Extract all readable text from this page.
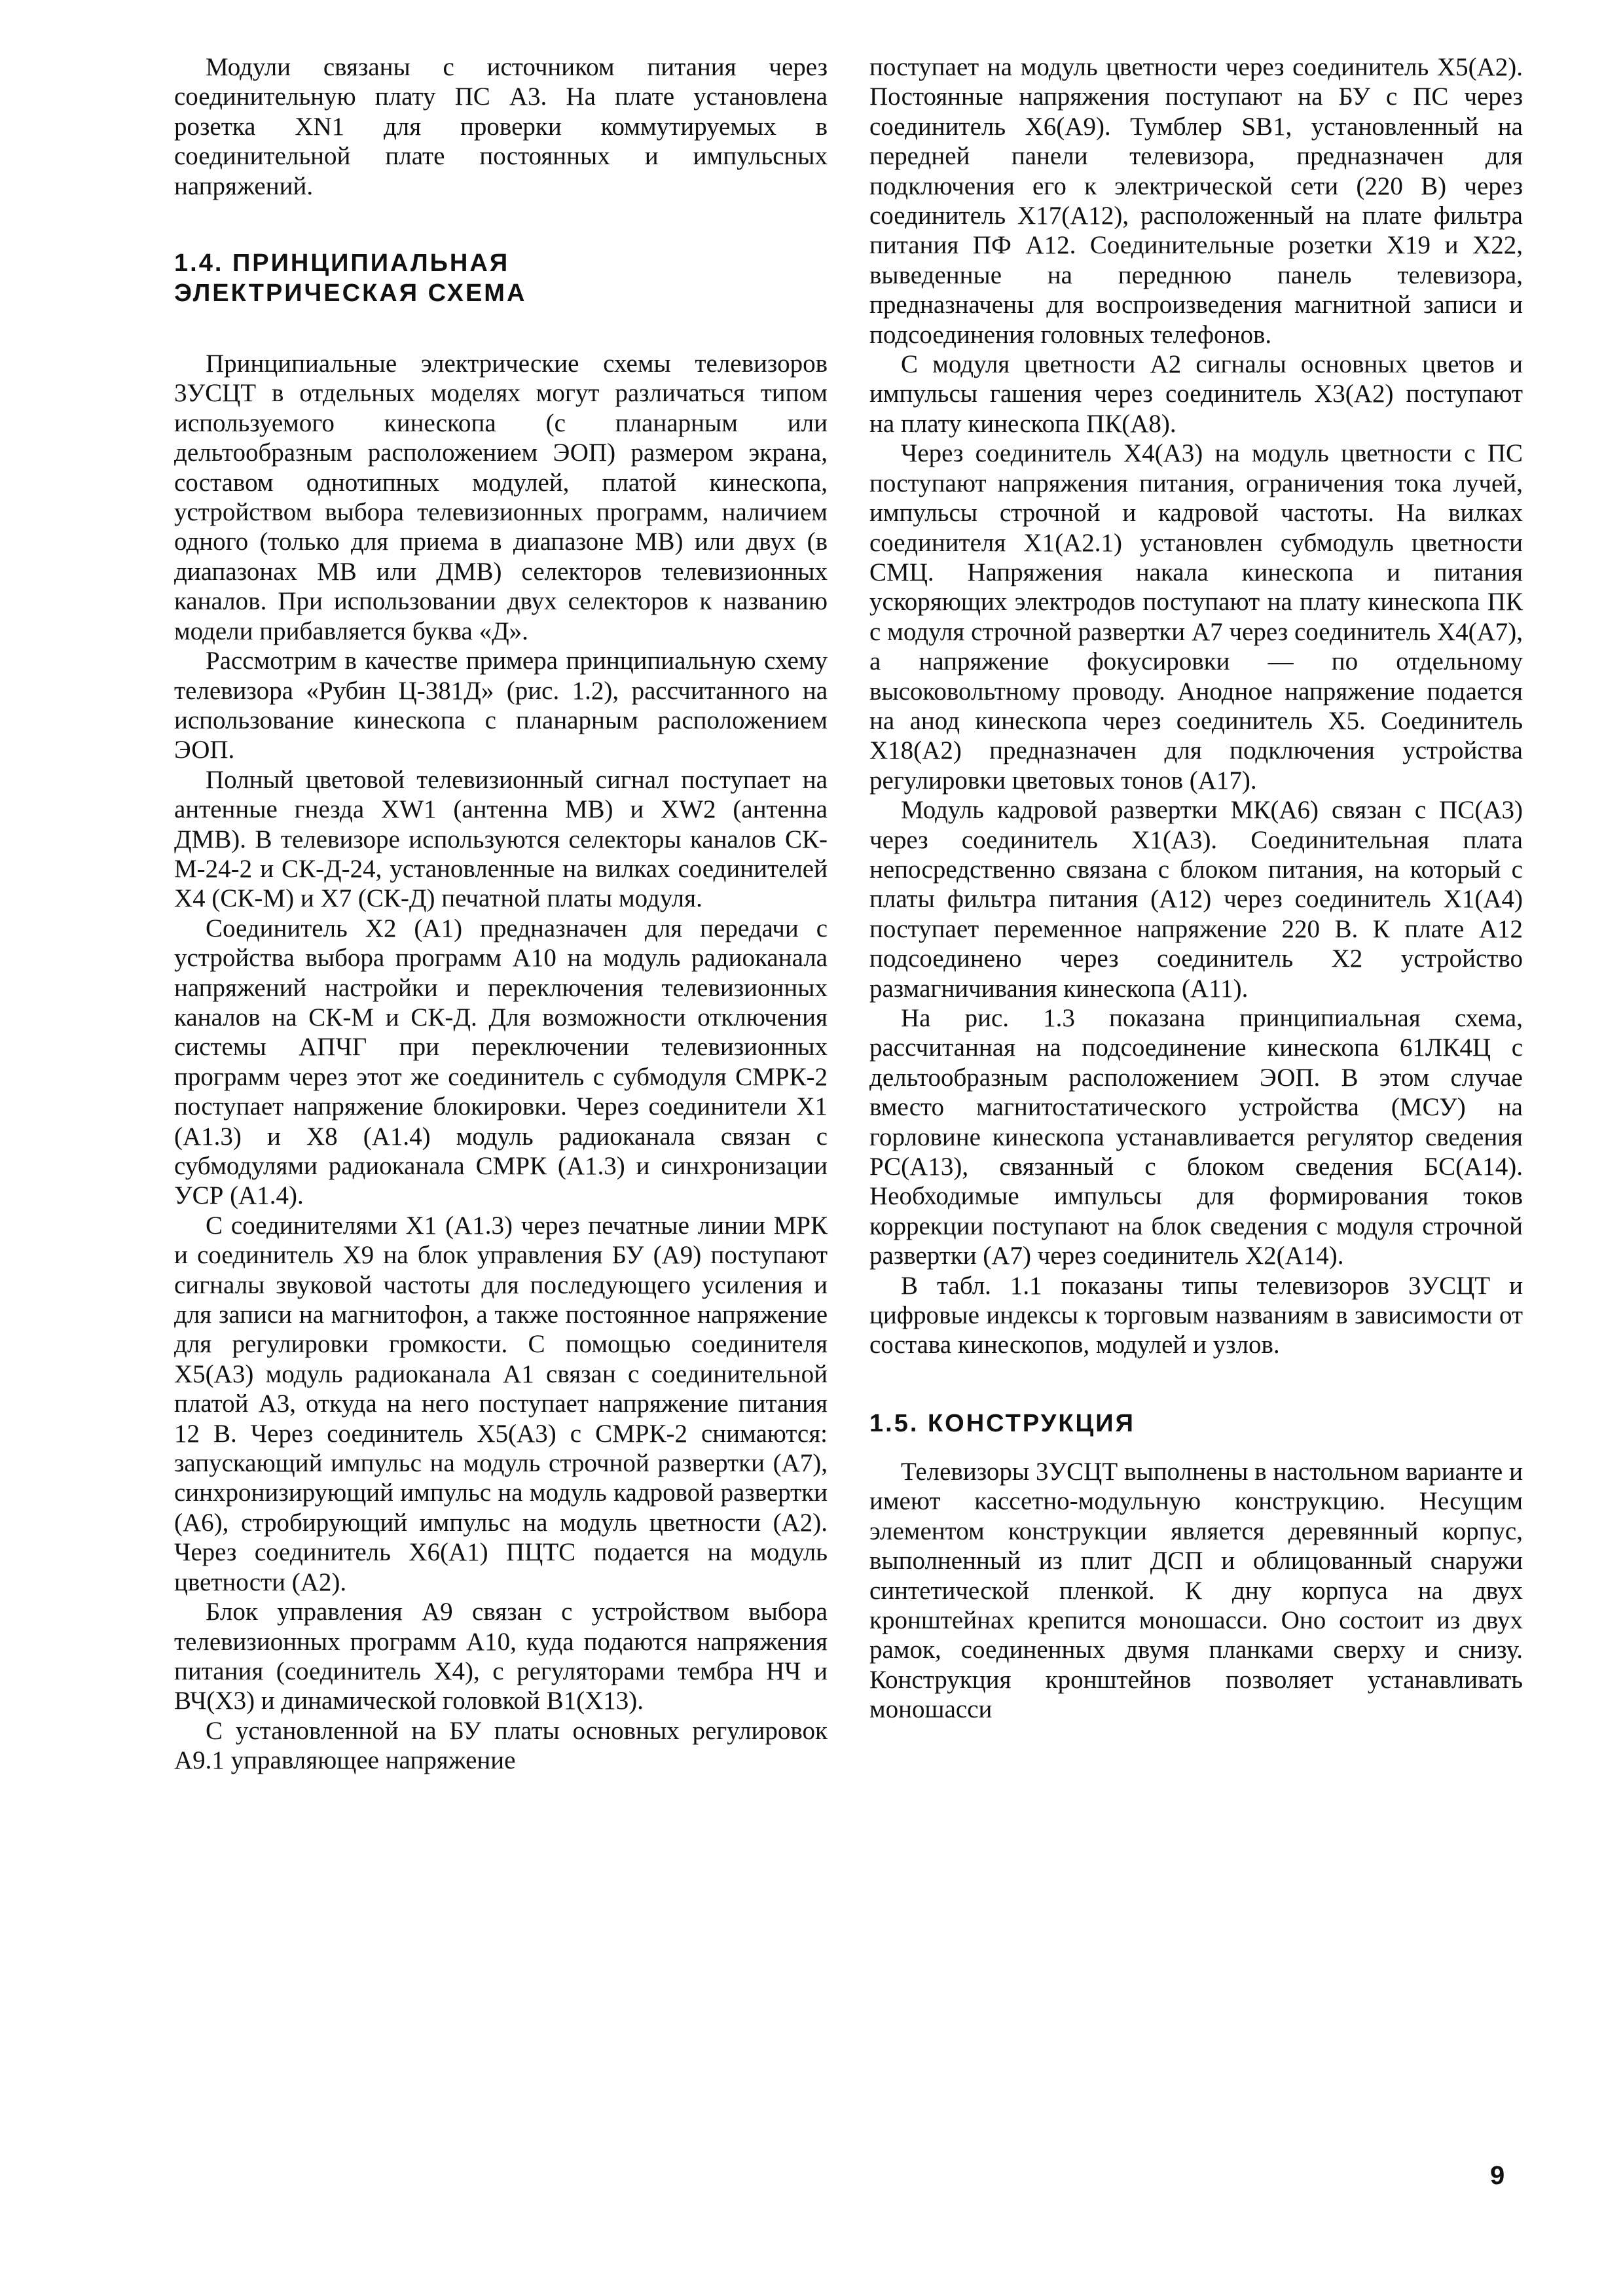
Модули связаны с источником питания через соединительную плату ПС А3. На плате установлена розетка XN1 для проверки коммутируемых в соединительной плате постоянных и импульсных напряжений.

1.4. ПРИНЦИПИАЛЬНАЯ
ЭЛЕКТРИЧЕСКАЯ СХЕМА

Принципиальные электрические схемы телевизоров 3УСЦТ в отдельных моделях могут различаться типом используемого кинескопа (с планарным или дельтообразным расположением ЭОП) размером экрана, составом однотипных модулей, платой кинескопа, устройством выбора телевизионных программ, наличием одного (только для приема в диапазоне МВ) или двух (в диапазонах МВ или ДМВ) селекторов телевизионных каналов. При использовании двух селекторов к названию модели прибавляется буква «Д».

Рассмотрим в качестве примера принципиальную схему телевизора «Рубин Ц-381Д» (рис. 1.2), рассчитанного на использование кинескопа с планарным расположением ЭОП.

Полный цветовой телевизионный сигнал поступает на антенные гнезда XW1 (антенна МВ) и XW2 (антенна ДМВ). В телевизоре используются селекторы каналов СК-М-24-2 и СК-Д-24, установленные на вилках соединителей X4 (СК-М) и X7 (СК-Д) печатной платы модуля.

Соединитель X2 (A1) предназначен для передачи с устройства выбора программ A10 на модуль радиоканала напряжений настройки и переключения телевизионных каналов на СК-М и СК-Д. Для возможности отключения системы АПЧГ при переключении телевизионных программ через этот же соединитель с субмодуля СМРК-2 поступает напряжение блокировки. Через соединители X1 (A1.3) и X8 (A1.4) модуль радиоканала связан с субмодулями радиоканала СМРК (A1.3) и синхронизации УСР (A1.4).

С соединителями X1 (A1.3) через печатные линии МРК и соединитель X9 на блок управления БУ (A9) поступают сигналы звуковой частоты для последующего усиления и для записи на магнитофон, а также постоянное напряжение для регулировки громкости. С помощью соединителя X5(A3) модуль радиоканала A1 связан с соединительной платой A3, откуда на него поступает напряжение питания 12 В. Через соединитель X5(A3) с СМРК-2 снимаются: запускающий импульс на модуль строчной развертки (A7), синхронизирующий импульс на модуль кадровой развертки (A6), стробирующий импульс на модуль цветности (A2). Через соединитель X6(A1) ПЦТС подается на модуль цветности (A2).

Блок управления A9 связан с устройством выбора телевизионных программ A10, куда подаются напряжения питания (соединитель X4), с регуляторами тембра НЧ и ВЧ(X3) и динамической головкой B1(X13).

С установленной на БУ платы основных регулировок A9.1 управляющее напряжение

поступает на модуль цветности через соединитель X5(A2). Постоянные напряжения поступают на БУ с ПС через соединитель X6(A9). Тумблер SB1, установленный на передней панели телевизора, предназначен для подключения его к электрической сети (220 В) через соединитель X17(A12), расположенный на плате фильтра питания ПФ A12. Соединительные розетки X19 и X22, выведенные на переднюю панель телевизора, предназначены для воспроизведения магнитной записи и подсоединения головных телефонов.

С модуля цветности A2 сигналы основных цветов и импульсы гашения через соединитель X3(A2) поступают на плату кинескопа ПК(A8).

Через соединитель X4(A3) на модуль цветности с ПС поступают напряжения питания, ограничения тока лучей, импульсы строчной и кадровой частоты. На вилках соединителя X1(A2.1) установлен субмодуль цветности СМЦ. Напряжения накала кинескопа и питания ускоряющих электродов поступают на плату кинескопа ПК с модуля строчной развертки A7 через соединитель X4(A7), а напряжение фокусировки — по отдельному высоковольтному проводу. Анодное напряжение подается на анод кинескопа через соединитель X5. Соединитель X18(A2) предназначен для подключения устройства регулировки цветовых тонов (A17).

Модуль кадровой развертки МК(A6) связан с ПС(A3) через соединитель X1(A3). Соединительная плата непосредственно связана с блоком питания, на который с платы фильтра питания (A12) через соединитель X1(A4) поступает переменное напряжение 220 В. К плате A12 подсоединено через соединитель X2 устройство размагничивания кинескопа (A11).

На рис. 1.3 показана принципиальная схема, рассчитанная на подсоединение кинескопа 61ЛК4Ц с дельтообразным расположением ЭОП. В этом случае вместо магнитостатического устройства (МСУ) на горловине кинескопа устанавливается регулятор сведения РС(A13), связанный с блоком сведения БС(A14). Необходимые импульсы для формирования токов коррекции поступают на блок сведения с модуля строчной развертки (A7) через соединитель X2(A14).

В табл. 1.1 показаны типы телевизоров 3УСЦТ и цифровые индексы к торговым названиям в зависимости от состава кинескопов, модулей и узлов.

1.5. КОНСТРУКЦИЯ

Телевизоры 3УСЦТ выполнены в настольном варианте и имеют кассетно-модульную конструкцию. Несущим элементом конструкции является деревянный корпус, выполненный из плит ДСП и облицованный снаружи синтетической пленкой. К дну корпуса на двух кронштейнах крепится моношасси. Оно состоит из двух рамок, соединенных двумя планками сверху и снизу. Конструкция кронштейнов позволяет устанавливать моношасси

9
